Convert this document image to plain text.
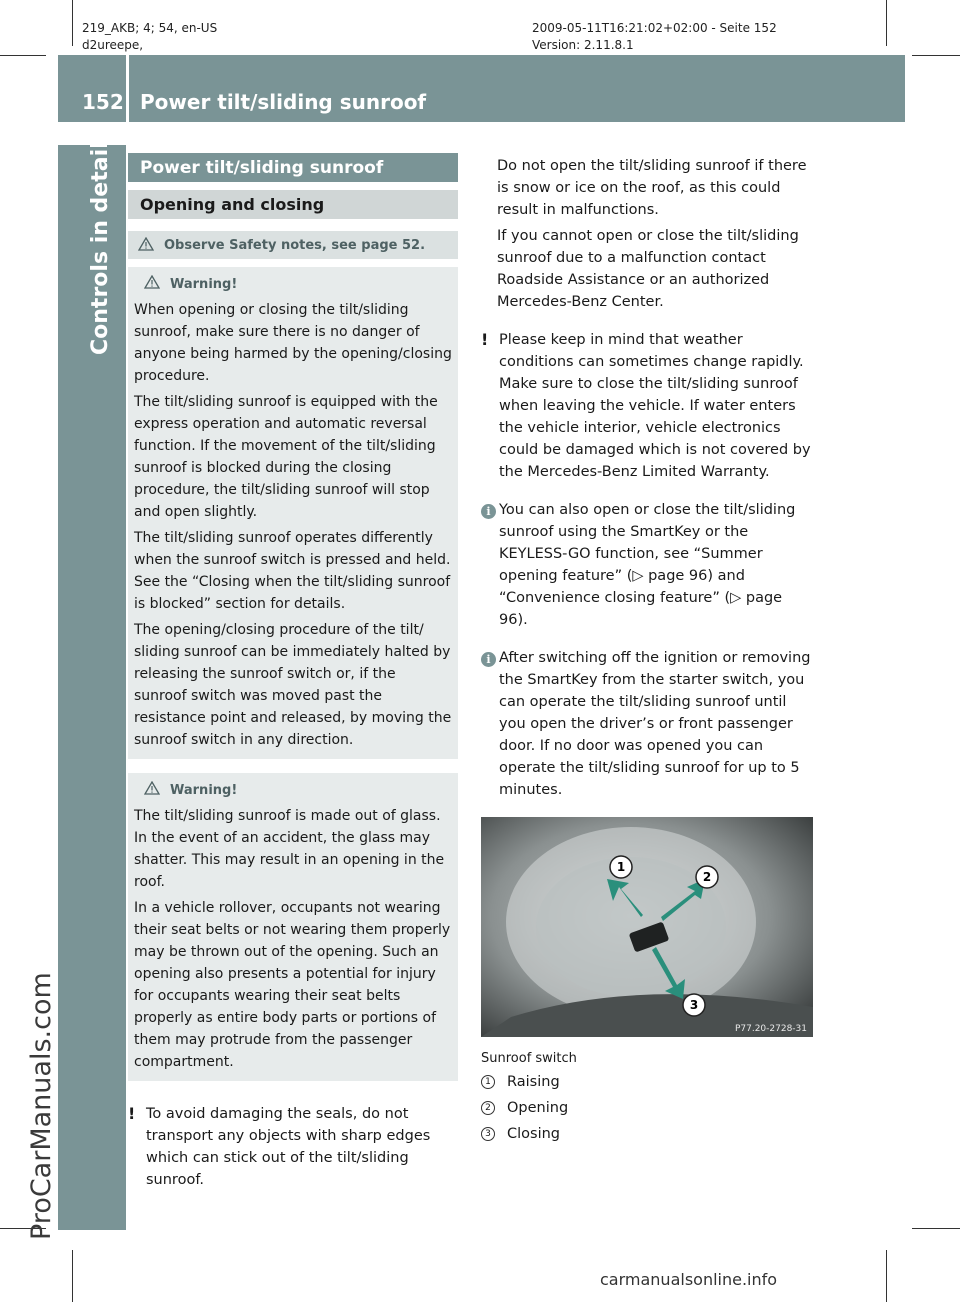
219_AKB; 4; 54, en-US
d2ureepe,
2009-05-11T16:21:02+02:00 - Seite 152
Version: 2.11.8.1
152 Power tilt/sliding sunroof
Controls in detail
ProCarManuals.com
Power tilt/sliding sunroof
Opening and closing
Observe Safety notes, see page 52.
Warning!

When opening or closing the tilt/sliding sunroof, make sure there is no danger of anyone being harmed by the opening/closing procedure.

The tilt/sliding sunroof is equipped with the express operation and automatic reversal function. If the movement of the tilt/sliding sunroof is blocked during the closing procedure, the tilt/sliding sunroof will stop and open slightly.

The tilt/sliding sunroof operates differently when the sunroof switch is pressed and held. See the “Closing when the tilt/sliding sunroof is blocked” section for details.

The opening/closing procedure of the tilt/ sliding sunroof can be immediately halted by releasing the sunroof switch or, if the sunroof switch was moved past the resistance point and released, by moving the sunroof switch in any direction.

Warning!

The tilt/sliding sunroof is made out of glass. In the event of an accident, the glass may shatter. This may result in an opening in the roof.

In a vehicle rollover, occupants not wearing their seat belts or not wearing them properly may be thrown out of the opening. Such an opening also presents a potential for injury for occupants wearing their seat belts properly as entire body parts or portions of them may protrude from the passenger compartment.

! To avoid damaging the seals, do not transport any objects with sharp edges which can stick out of the tilt/sliding sunroof.

Do not open the tilt/sliding sunroof if there is snow or ice on the roof, as this could result in malfunctions.

If you cannot open or close the tilt/sliding sunroof due to a malfunction contact Roadside Assistance or an authorized Mercedes-Benz Center.

! Please keep in mind that weather conditions can sometimes change rapidly. Make sure to close the tilt/sliding sunroof when leaving the vehicle. If water enters the vehicle interior, vehicle electronics could be damaged which is not covered by the Mercedes-Benz Limited Warranty.
i You can also open or close the tilt/sliding sunroof using the SmartKey or the KEYLESS-GO function, see “Summer opening feature” (▷ page 96) and “Convenience closing feature” (▷ page 96).
i After switching off the ignition or removing the SmartKey from the starter switch, you can operate the tilt/sliding sunroof until you open the driver’s or front passenger door. If no door was opened you can operate the tilt/sliding sunroof for up to 5 minutes.
1
2
3
P77.20-2728-31
Sunroof switch
1 Raising
2 Opening
3 Closing
carmanualsonline.info
